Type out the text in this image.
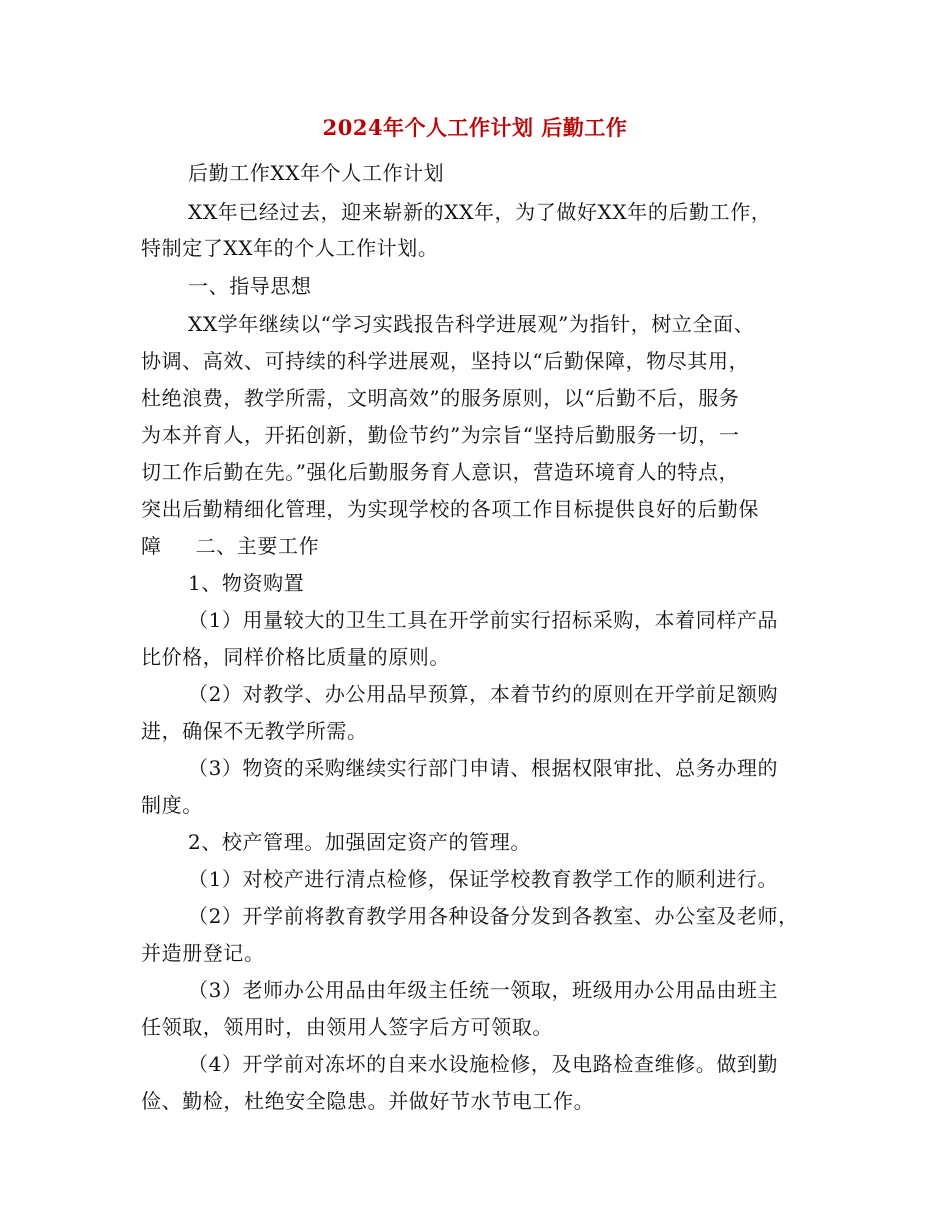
2024年个人工作计划 后勤工作
后勤工作XX年个人工作计划
XX年已经过去，迎来崭新的XX年，为了做好XX年的后勤工作，
特制定了XX年的个人工作计划。
一、指导思想
XX学年继续以“学习实践报告科学进展观”为指针，树立全面、
协调、高效、可持续的科学进展观，坚持以“后勤保障，物尽其用，
杜绝浪费，教学所需，文明高效”的服务原则，以“后勤不后，服务
为本并育人，开拓创新，勤俭节约”为宗旨“坚持后勤服务一切，一
切工作后勤在先。”强化后勤服务育人意识，营造环境育人的特点，
突出后勤精细化管理，为实现学校的各项工作目标提供良好的后勤保
障 二、主要工作
1、物资购置
（1）用量较大的卫生工具在开学前实行招标采购，本着同样产品
比价格，同样价格比质量的原则。
（2）对教学、办公用品早预算，本着节约的原则在开学前足额购
进，确保不无教学所需。
（3）物资的采购继续实行部门申请、根据权限审批、总务办理的
制度。
2、校产管理。加强固定资产的管理。
（1）对校产进行清点检修，保证学校教育教学工作的顺利进行。
（2）开学前将教育教学用各种设备分发到各教室、办公室及老师，
并造册登记。
（3）老师办公用品由年级主任统一领取，班级用办公用品由班主
任领取，领用时，由领用人签字后方可领取。
（4）开学前对冻坏的自来水设施检修，及电路检查维修。做到勤
俭、勤检，杜绝安全隐患。并做好节水节电工作。
